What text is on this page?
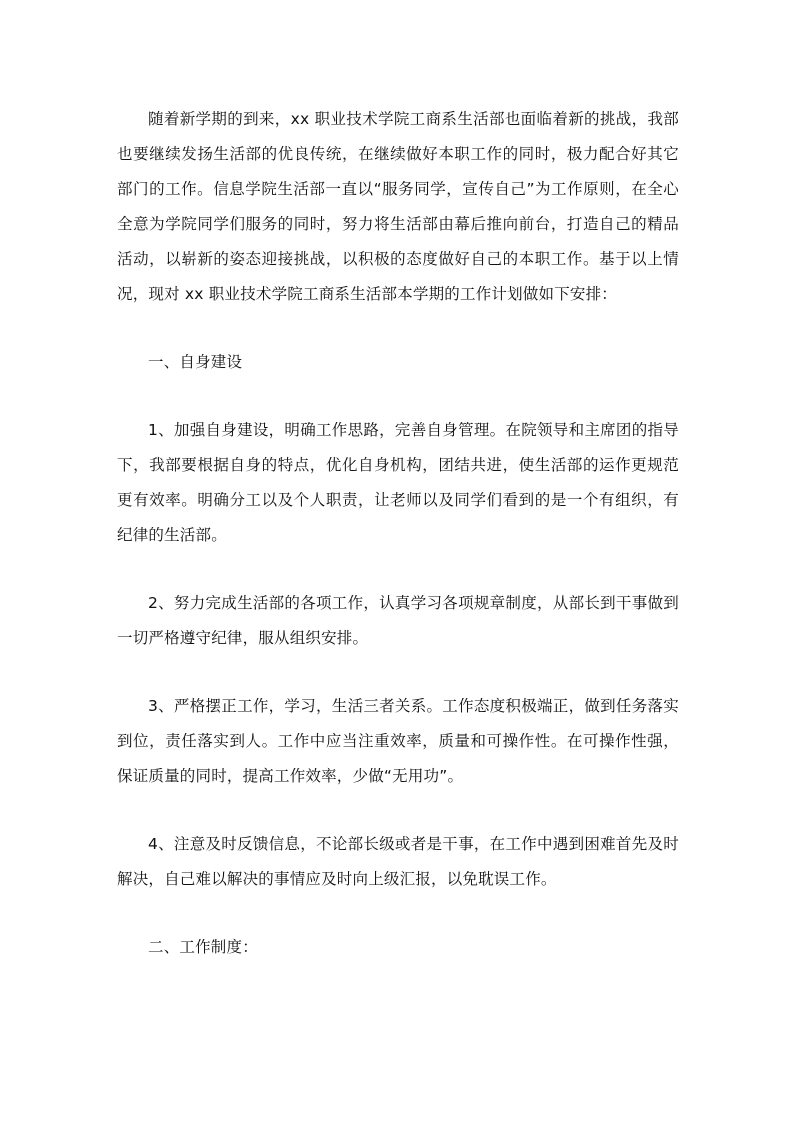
随着新学期的到来，xx 职业技术学院工商系生活部也面临着新的挑战，我部也要继续发扬生活部的优良传统，在继续做好本职工作的同时，极力配合好其它部门的工作。信息学院生活部一直以“服务同学，宣传自己”为工作原则，在全心全意为学院同学们服务的同时，努力将生活部由幕后推向前台，打造自己的精品活动，以崭新的姿态迎接挑战，以积极的态度做好自己的本职工作。基于以上情况，现对 xx 职业技术学院工商系生活部本学期的工作计划做如下安排：

一、自身建设

1、加强自身建设，明确工作思路，完善自身管理。在院领导和主席团的指导下，我部要根据自身的特点，优化自身机构，团结共进，使生活部的运作更规范更有效率。明确分工以及个人职责，让老师以及同学们看到的是一个有组织，有纪律的生活部。

2、努力完成生活部的各项工作，认真学习各项规章制度，从部长到干事做到一切严格遵守纪律，服从组织安排。

3、严格摆正工作，学习，生活三者关系。工作态度积极端正，做到任务落实到位，责任落实到人。工作中应当注重效率，质量和可操作性。在可操作性强，保证质量的同时，提高工作效率，少做“无用功”。

4、注意及时反馈信息，不论部长级或者是干事，在工作中遇到困难首先及时解决，自己难以解决的事情应及时向上级汇报，以免耽误工作。

二、工作制度：
